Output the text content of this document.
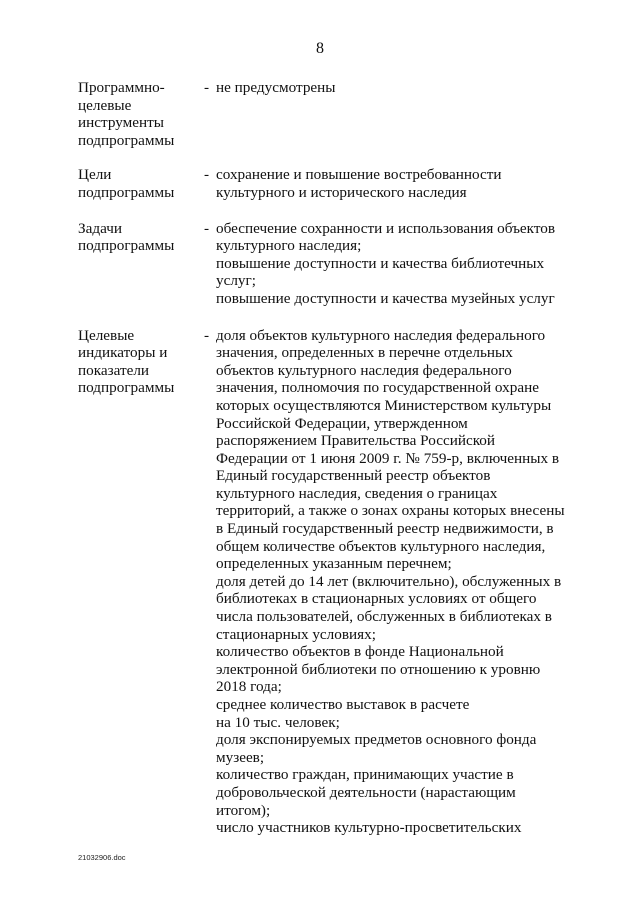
8
Программно-
целевые
инструменты
подпрограммы
- не предусмотрены
Цели
подпрограммы
- сохранение и повышение востребованности
культурного и исторического наследия
Задачи
подпрограммы
- обеспечение сохранности и использования объектов
культурного наследия;
повышение доступности и качества библиотечных
услуг;
повышение доступности и качества музейных услуг
Целевые
индикаторы и
показатели
подпрограммы
- доля объектов культурного наследия федерального
значения, определенных в перечне отдельных
объектов культурного наследия федерального
значения, полномочия по государственной охране
которых осуществляются Министерством культуры
Российской Федерации, утвержденном
распоряжением Правительства Российской
Федерации от 1 июня 2009 г. № 759-р, включенных в
Единый государственный реестр объектов
культурного наследия, сведения о границах
территорий, а также о зонах охраны которых внесены
в Единый государственный реестр недвижимости, в
общем количестве объектов культурного наследия,
определенных указанным перечнем;
доля детей до 14 лет (включительно), обслуженных в
библиотеках в стационарных условиях от общего
числа пользователей, обслуженных в библиотеках в
стационарных условиях;
количество объектов в фонде Национальной
электронной библиотеки по отношению к уровню
2018 года;
среднее количество выставок в расчете
на 10 тыс. человек;
доля экспонируемых предметов основного фонда
музеев;
количество граждан, принимающих участие в
добровольческой деятельности (нарастающим
итогом);
число участников культурно-просветительских
21032906.doc
